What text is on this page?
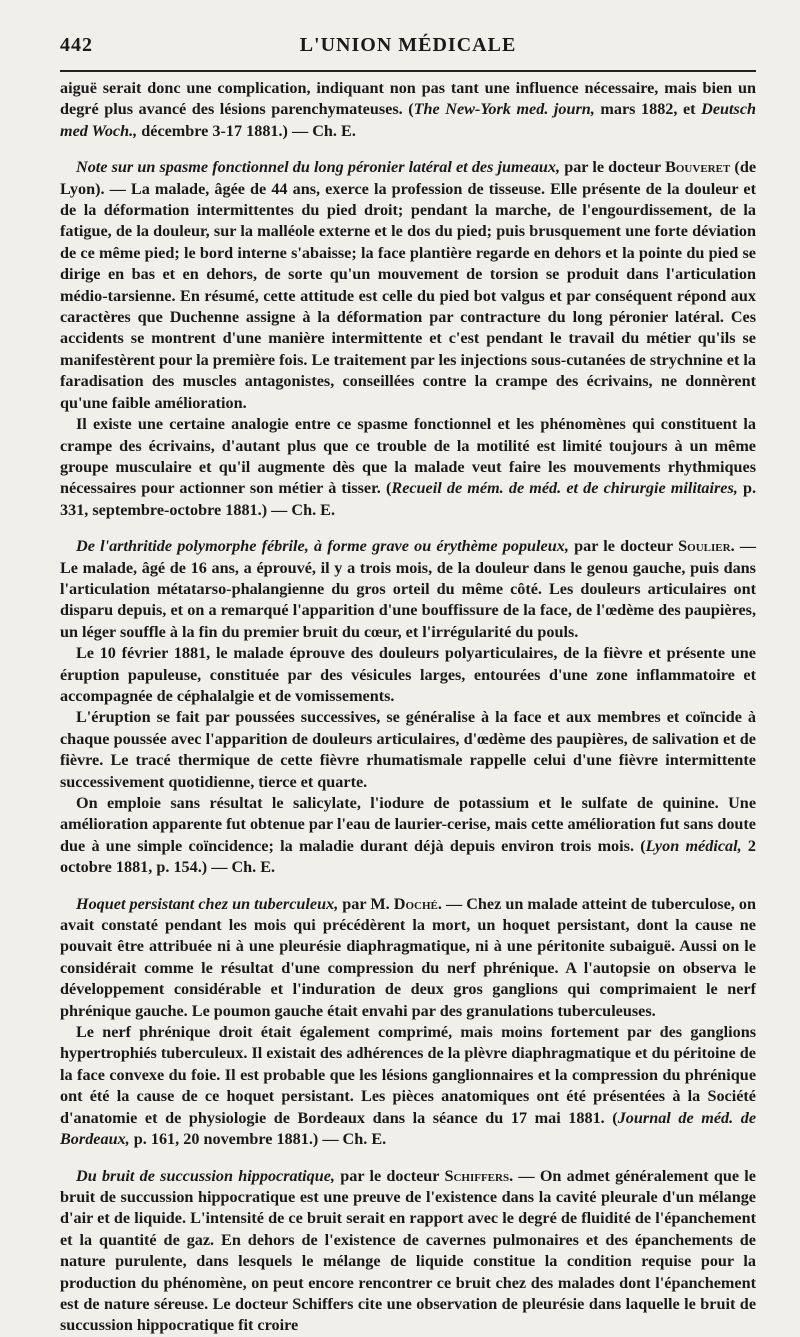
442	L'UNION MÉDICALE

aiguë serait donc une complication, indiquant non pas tant une influence nécessaire, mais bien un degré plus avancé des lésions parenchymateuses. (The New-York med. journ, mars 1882, et Deutsch med Woch., décembre 3-17 1881.) — Ch. E.

Note sur un spasme fonctionnel du long péronier latéral et des jumeaux, par le docteur Bouveret (de Lyon). — La malade, âgée de 44 ans, exerce la profession de tisseuse. Elle présente de la douleur et de la déformation intermittentes du pied droit; pendant la marche, de l'engourdissement, de la fatigue, de la douleur, sur la malléole externe et le dos du pied; puis brusquement une forte déviation de ce même pied; le bord interne s'abaisse; la face plantière regarde en dehors et la pointe du pied se dirige en bas et en dehors, de sorte qu'un mouvement de torsion se produit dans l'articulation médio-tarsienne. En résumé, cette attitude est celle du pied bot valgus et par conséquent répond aux caractères que Duchenne assigne à la déformation par contracture du long péronier latéral. Ces accidents se montrent d'une manière intermittente et c'est pendant le travail du métier qu'ils se manifestèrent pour la première fois. Le traitement par les injections sous-cutanées de strychnine et la faradisation des muscles antagonistes, conseillées contre la crampe des écrivains, ne donnèrent qu'une faible amélioration.

Il existe une certaine analogie entre ce spasme fonctionnel et les phénomènes qui constituent la crampe des écrivains, d'autant plus que ce trouble de la motilité est limité toujours à un même groupe musculaire et qu'il augmente dès que la malade veut faire les mouvements rhythmiques nécessaires pour actionner son métier à tisser. (Recueil de mém. de méd. et de chirurgie militaires, p. 331, septembre-octobre 1881.) — Ch. E.

De l'arthritide polymorphe fébrile, à forme grave ou érythème populeux, par le docteur Soulier. — Le malade, âgé de 16 ans, a éprouvé, il y a trois mois, de la douleur dans le genou gauche, puis dans l'articulation métatarso-phalangienne du gros orteil du même côté. Les douleurs articulaires ont disparu depuis, et on a remarqué l'apparition d'une bouffissure de la face, de l'œdème des paupières, un léger souffle à la fin du premier bruit du cœur, et l'irrégularité du pouls.

Le 10 février 1881, le malade éprouve des douleurs polyarticulaires, de la fièvre et présente une éruption papuleuse, constituée par des vésicules larges, entourées d'une zone inflammatoire et accompagnée de céphalalgie et de vomissements.

L'éruption se fait par poussées successives, se généralise à la face et aux membres et coïncide à chaque poussée avec l'apparition de douleurs articulaires, d'œdème des paupières, de salivation et de fièvre. Le tracé thermique de cette fièvre rhumatismale rappelle celui d'une fièvre intermittente successivement quotidienne, tierce et quarte.

On emploie sans résultat le salicylate, l'iodure de potassium et le sulfate de quinine. Une amélioration apparente fut obtenue par l'eau de laurier-cerise, mais cette amélioration fut sans doute due à une simple coïncidence; la maladie durant déjà depuis environ trois mois. (Lyon médical, 2 octobre 1881, p. 154.) — Ch. E.

Hoquet persistant chez un tuberculeux, par M. Doché. — Chez un malade atteint de tuberculose, on avait constaté pendant les mois qui précédèrent la mort, un hoquet persistant, dont la cause ne pouvait être attribuée ni à une pleurésie diaphragmatique, ni à une péritonite subaiguë. Aussi on le considérait comme le résultat d'une compression du nerf phrénique. A l'autopsie on observa le développement considérable et l'induration de deux gros ganglions qui comprimaient le nerf phrénique gauche. Le poumon gauche était envahi par des granulations tuberculeuses.

Le nerf phrénique droit était également comprimé, mais moins fortement par des ganglions hypertrophiés tuberculeux. Il existait des adhérences de la plèvre diaphragmatique et du péritoine de la face convexe du foie. Il est probable que les lésions ganglionnaires et la compression du phrénique ont été la cause de ce hoquet persistant. Les pièces anatomiques ont été présentées à la Société d'anatomie et de physiologie de Bordeaux dans la séance du 17 mai 1881. (Journal de méd. de Bordeaux, p. 161, 20 novembre 1881.) — Ch. E.

Du bruit de succussion hippocratique, par le docteur Schiffers. — On admet généralement que le bruit de succussion hippocratique est une preuve de l'existence dans la cavité pleurale d'un mélange d'air et de liquide. L'intensité de ce bruit serait en rapport avec le degré de fluidité de l'épanchement et la quantité de gaz. En dehors de l'existence de cavernes pulmonaires et des épanchements de nature purulente, dans lesquels le mélange de liquide constitue la condition requise pour la production du phénomène, on peut encore rencontrer ce bruit chez des malades dont l'épanchement est de nature séreuse. Le docteur Schiffers cite une observation de pleurésie dans laquelle le bruit de succussion hippocratique fit croire
